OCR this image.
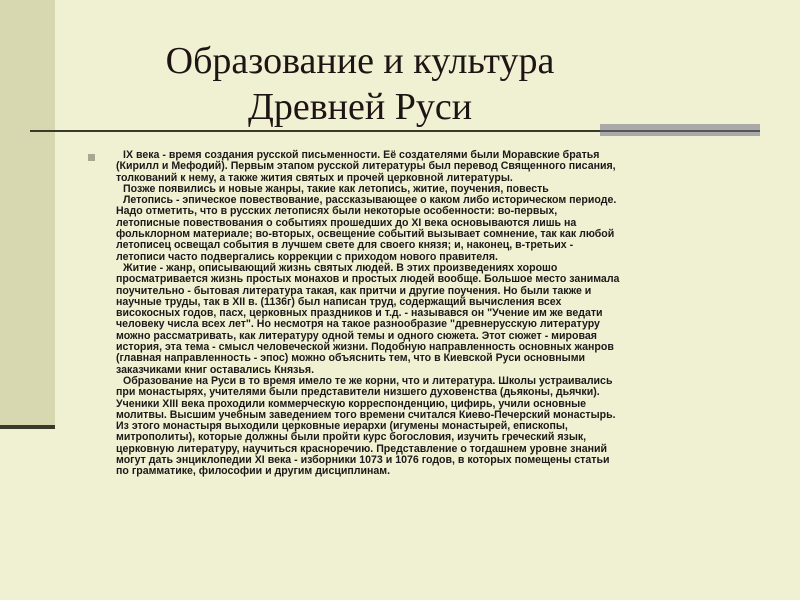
Образование и культура

Древней Руси

IX века - время создания русской письменности. Её создателями были Моравские братья
(Кирилл и Мефодий). Первым этапом русской литературы был перевод Священного писания,
толкований к нему, а также жития святых и прочей церковной литературы.

Позже появились и новые жанры, такие как летопись, житие, поучения, повесть

Летопись - эпическое повествование, рассказывающее о каком либо историческом периоде.
Надо отметить, что в русских летописях были некоторые особенности: во-первых,
летописные повествования о событиях прошедших до XI века основываются лишь на
фольклорном материале; во-вторых, освещение событий вызывает сомнение, так как любой
летописец освещал события в лучшем свете для своего князя; и, наконец, в-третьих -
летописи часто подвергались коррекции с приходом нового правителя.

Житие - жанр, описывающий жизнь святых людей. В этих произведениях хорошо
просматривается жизнь простых монахов и простых людей вообще. Большое место занимала
поучительно - бытовая литература такая, как притчи и другие поучения. Но были также и
научные труды, так в XII в. (1136г) был написан труд, содержащий вычисления всех
високосных годов, пасх, церковных праздников и т.д. - назывався он "Учение им же ведати
человеку числа всех лет". Но несмотря на такое разнообразие "древнерусскую литературу
можно рассматривать, как литературу одной темы и одного сюжета. Этот сюжет - мировая
история, эта тема - смысл человеческой жизни. Подобную направленность основных жанров
(главная направленность - эпос) можно объяснить тем, что в Киевской Руси основными
заказчиками книг оставались Князья.

Образование на Руси в то время имело те же корни, что и литература. Школы устраивались
при монастырях, учителями были представители низшего духовенства (дьяконы, дьячки).
Ученики XIII века проходили коммерческую корреспонденцию, цифирь, учили основные
молитвы. Высшим учебным заведением того времени считался Киево-Печерский монастырь.
Из этого монастыря выходили церковные иерархи (игумены монастырей, епископы,
митрополиты), которые должны были пройти курс богословия, изучить греческий язык,
церковную литературу, научиться красноречию. Представление о тогдашнем уровне знаний
могут дать энциклопедии XI века - изборники 1073 и 1076 годов, в которых помещены статьи
по грамматике, философии и другим дисциплинам.
